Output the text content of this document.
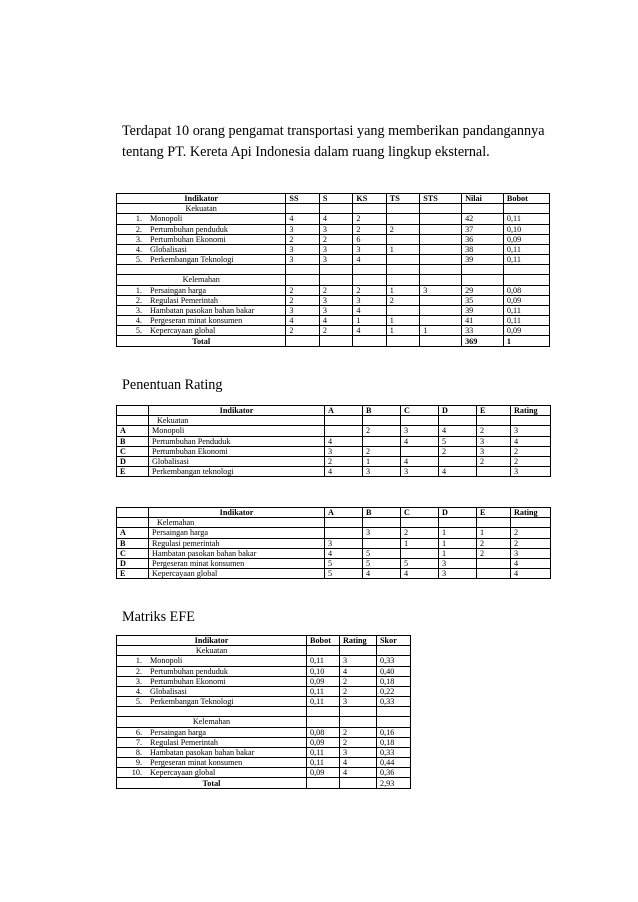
Terdapat 10 orang pengamat transportasi yang memberikan pandangannya tentang PT. Kereta Api Indonesia dalam ruang lingkup eksternal.

Indikator	SS	S	KS	TS	STS	Nilai	Bobot
Kekuatan							
1. Monopoli	4	4	2			42	0,11
2. Pertumbuhan penduduk	3	3	2	2		37	0,10
3. Pertumbuhan Ekonomi	2	2	6			36	0,09
4. Globalisasi	3	3	3	1		38	0,11
5. Perkembangan Teknologi	3	3	4			39	0,11

Kelemahan							
1. Persaingan harga	2	2	2	1	3	29	0,08
2. Regulasi Pemerintah	2	3	3	2		35	0,09
3. Hambatan pasokan bahan bakar	3	3	4			39	0,11
4. Pergeseran minat konsumen	4	4	1	1		41	0,11
5. Kepercayaan global	2	2	4	1	1	33	0,09
Total						369	1
Penentuan Rating
	Indikator	A	B	C	D	E	Rating
	Kekuatan						
A	Monopoli		2	3	4	2	3
B	Pertumbuhan Penduduk	4		4	5	3	4
C	Pertumbuhan Ekonomi	3	2		2	3	2
D	Globalisasi	2	1	4		2	2
E	Perkembangan teknologi	4	3	3	4		3
	Indikator	A	B	C	D	E	Rating
	Kelemahan						
A	Persaingan harga		3	2	1	1	2
B	Regulasi pemerintah	3		1	1	2	2
C	Hambatan pasokan bahan bakar	4	5		1	2	3
D	Pergeseran minat konsumen	5	5	5	3		4
E	Kepercayaan global	5	4	4	3		4
Matriks EFE
Indikator	Bobot	Rating	Skor
Kekuatan			
1. Monopoli	0,11	3	0,33
2. Pertumbuhan penduduk	0,10	4	0,40
3. Pertumbuhan Ekonomi	0,09	2	0,18
4. Globalisasi	0,11	2	0,22
5. Perkembangan Teknologi	0,11	3	0,33

Kelemahan			
6. Persaingan harga	0,08	2	0,16
7. Regulasi Pemerintah	0,09	2	0,18
8. Hambatan pasokan bahan bakar	0,11	3	0,33
9. Pergeseran minat konsumen	0,11	4	0,44
10. Kepercayaan global	0,09	4	0,36
Total			2,93
